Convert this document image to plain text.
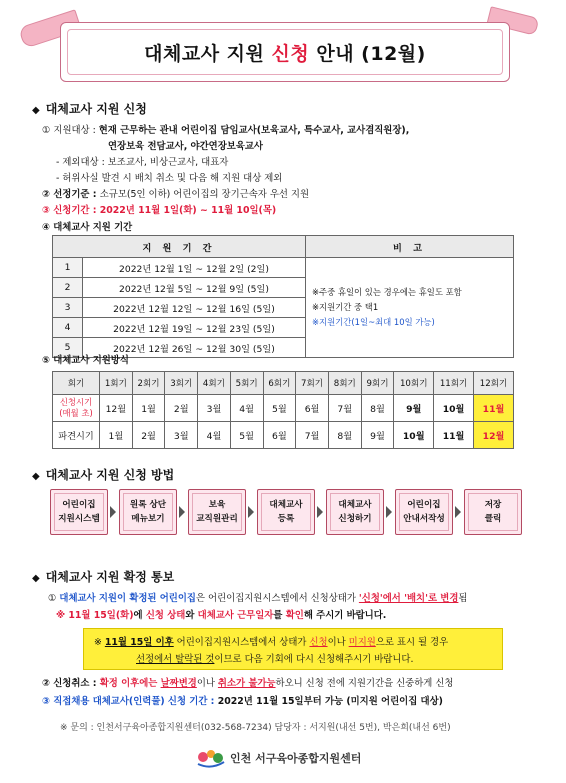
대체교사 지원 신청 안내 (12월)
◆ 대체교사 지원 신청
① 지원대상 : 현재 근무하는 관내 어린이집 담임교사(보육교사, 특수교사, 교사겸직원장),
연장보육 전담교사, 야간연장보육교사
- 제외대상 : 보조교사, 비상근교사, 대표자
- 허위사실 발견 시 배치 취소 및 다음 해 지원 대상 제외
② 선정기준 : 소규모(5인 이하) 어린이집의 장기근속자 우선 지원
③ 신청기간 : 2022년 11월 1일(화) ~ 11월 10일(목)
④ 대체교사 지원 기간
지 원 기 간		비 고
1	2022년 12월 1일 ~ 12월 2일 (2일)	※주중 휴일이 있는 경우에는 휴일도 포함
※지원기간 중 택1
※지원기간(1일~최대 10일 가능)

2	2022년 12월 5일 ~ 12월 9일 (5일)	
3	2022년 12월 12일 ~ 12월 16일 (5일)	
4	2022년 12월 19일 ~ 12월 23일 (5일)	
5	2022년 12월 26일 ~ 12월 30일 (5일)	
⑤ 대체교사 지원방식
회기	1회기	2회기	3회기	4회기	5회기	6회기	7회기	8회기	9회기	10회기	11회기	12회기
신청시기
(매월 초)	12월	1월	2월	3월	4월	5월	6월	7월	8월	9월	10월	11월
파견시기	1월	2월	3월	4월	5월	6월	7월	8월	9월	10월	11월	12월
◆ 대체교사 지원 신청 방법
어린이집
지원시스템
원록 상단
메뉴보기
보육
교직원관리
대체교사
등록
대체교사
신청하기
어린이집
안내서작성
저장
클릭
◆ 대체교사 지원 확정 통보
① 대체교사 지원이 확정된 어린이집은 어린이집지원시스템에서 신청상태가 '신청'에서 '배치'로 변경됨
※ 11월 15일(화)에 신청 상태와 대체교사 근무일자를 확인해 주시기 바랍니다.
※ 11월 15일 이후 어린이집지원시스템에서 상태가 신청이나 미지원으로 표시 될 경우
선정에서 탈락된 것이므로 다음 기회에 다시 신청해주시기 바랍니다.
② 신청취소 : 확정 이후에는 날짜변경이나 취소가 불가능하오니 신청 전에 지원기간을 신중하게 신청
③ 직접채용 대체교사(인력풀) 신청 기간 : 2022년 11월 15일부터 가능 (미지원 어린이집 대상)
※ 문의 : 인천서구육아종합지원센터(032-568-7234) 담당자 : 서지원(내선 5번), 박은희(내선 6번)
인천 서구육아종합지원센터
